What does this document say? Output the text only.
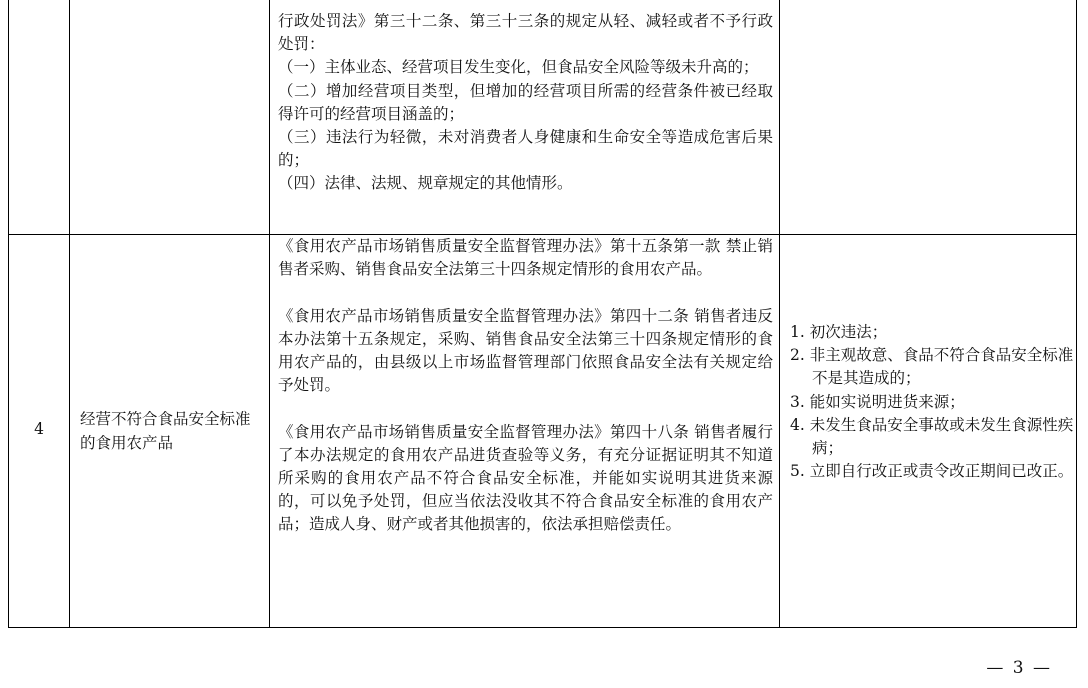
行政处罚法》第三十二条、第三十三条的规定从轻、减轻或者不予行政处罚：

（一）主体业态、经营项目发生变化，但食品安全风险等级未升高的；

（二）增加经营项目类型，但增加的经营项目所需的经营条件被已经取得许可的经营项目涵盖的；

（三）违法行为轻微，未对消费者人身健康和生命安全等造成危害后果的；

（四）法律、法规、规章规定的其他情形。

4
经营不符合食品安全标准的食用农产品

《食用农产品市场销售质量安全监督管理办法》第十五条第一款 禁止销售者采购、销售食品安全法第三十四条规定情形的食用农产品。

《食用农产品市场销售质量安全监督管理办法》第四十二条 销售者违反本办法第十五条规定，采购、销售食品安全法第三十四条规定情形的食用农产品的，由县级以上市场监督管理部门依照食品安全法有关规定给予处罚。

《食用农产品市场销售质量安全监督管理办法》第四十八条 销售者履行了本办法规定的食用农产品进货查验等义务，有充分证据证明其不知道所采购的食用农产品不符合食品安全标准，并能如实说明其进货来源的，可以免予处罚，但应当依法没收其不符合食品安全标准的食用农产品；造成人身、财产或者其他损害的，依法承担赔偿责任。

1. 初次违法；

2. 非主观故意、食品不符合食品安全标准不是其造成的；

3. 能如实说明进货来源；

4. 未发生食品安全事故或未发生食源性疾病；

5. 立即自行改正或责令改正期间已改正。

— 3 —
